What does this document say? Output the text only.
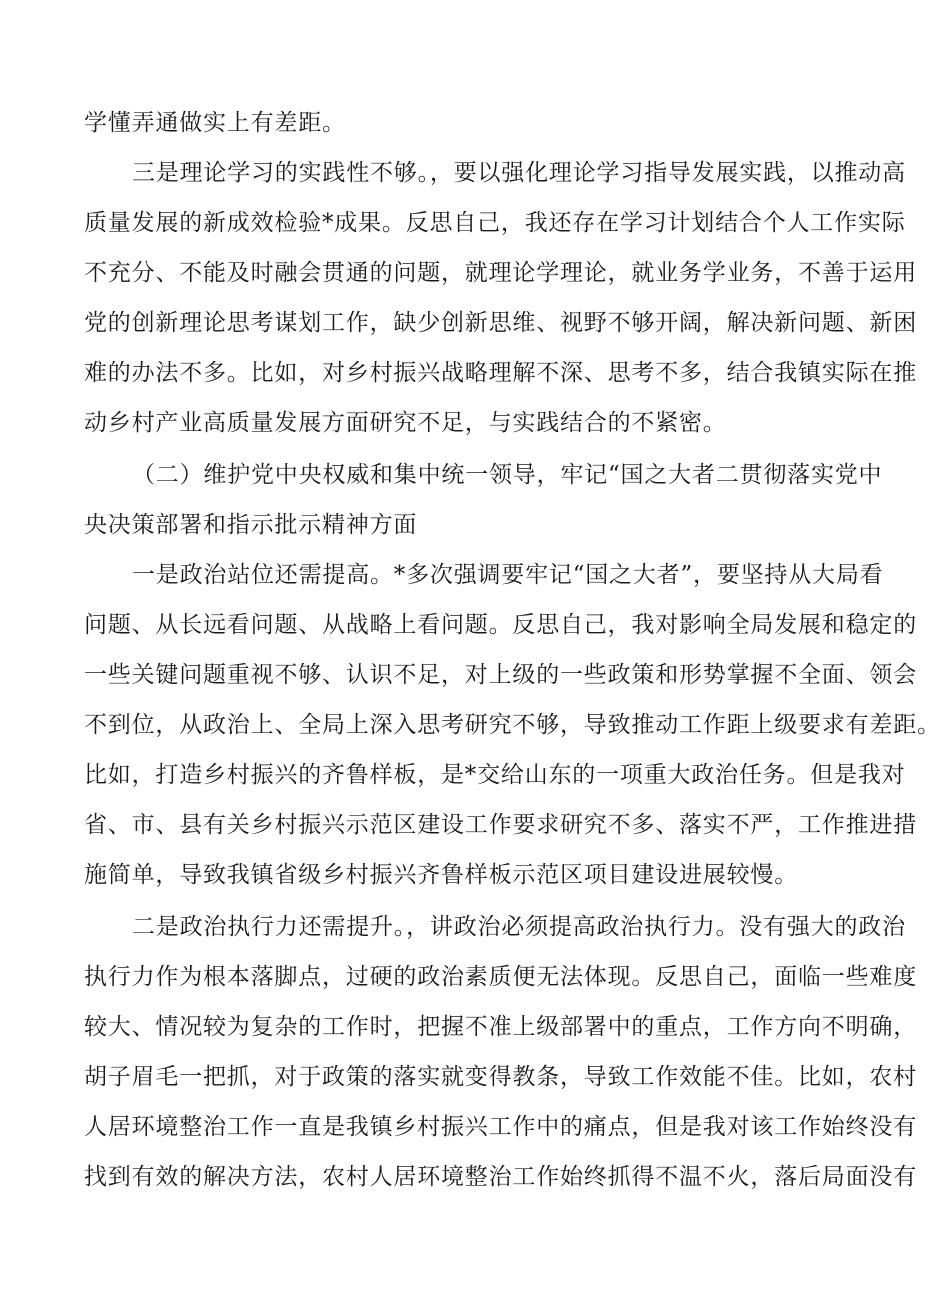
学懂弄通做实上有差距。
三是理论学习的实践性不够。，要以强化理论学习指导发展实践，以推动高
质量发展的新成效检验*成果。反思自己，我还存在学习计划结合个人工作实际
不充分、不能及时融会贯通的问题，就理论学理论，就业务学业务，不善于运用
党的创新理论思考谋划工作，缺少创新思维、视野不够开阔，解决新问题、新困
难的办法不多。比如，对乡村振兴战略理解不深、思考不多，结合我镇实际在推
动乡村产业高质量发展方面研究不足，与实践结合的不紧密。
（二）维护党中央权威和集中统一领导，牢记“国之大者二贯彻落实党中
央决策部署和指示批示精神方面
一是政治站位还需提高。*多次强调要牢记“国之大者”，要坚持从大局看
问题、从长远看问题、从战略上看问题。反思自己，我对影响全局发展和稳定的
一些关键问题重视不够、认识不足，对上级的一些政策和形势掌握不全面、领会
不到位，从政治上、全局上深入思考研究不够，导致推动工作距上级要求有差距。
比如，打造乡村振兴的齐鲁样板，是*交给山东的一项重大政治任务。但是我对
省、市、县有关乡村振兴示范区建设工作要求研究不多、落实不严，工作推进措
施简单，导致我镇省级乡村振兴齐鲁样板示范区项目建设进展较慢。
二是政治执行力还需提升。，讲政治必须提高政治执行力。没有强大的政治
执行力作为根本落脚点，过硬的政治素质便无法体现。反思自己，面临一些难度
较大、情况较为复杂的工作时，把握不准上级部署中的重点，工作方向不明确，
胡子眉毛一把抓，对于政策的落实就变得教条，导致工作效能不佳。比如，农村
人居环境整治工作一直是我镇乡村振兴工作中的痛点，但是我对该工作始终没有
找到有效的解决方法，农村人居环境整治工作始终抓得不温不火，落后局面没有
